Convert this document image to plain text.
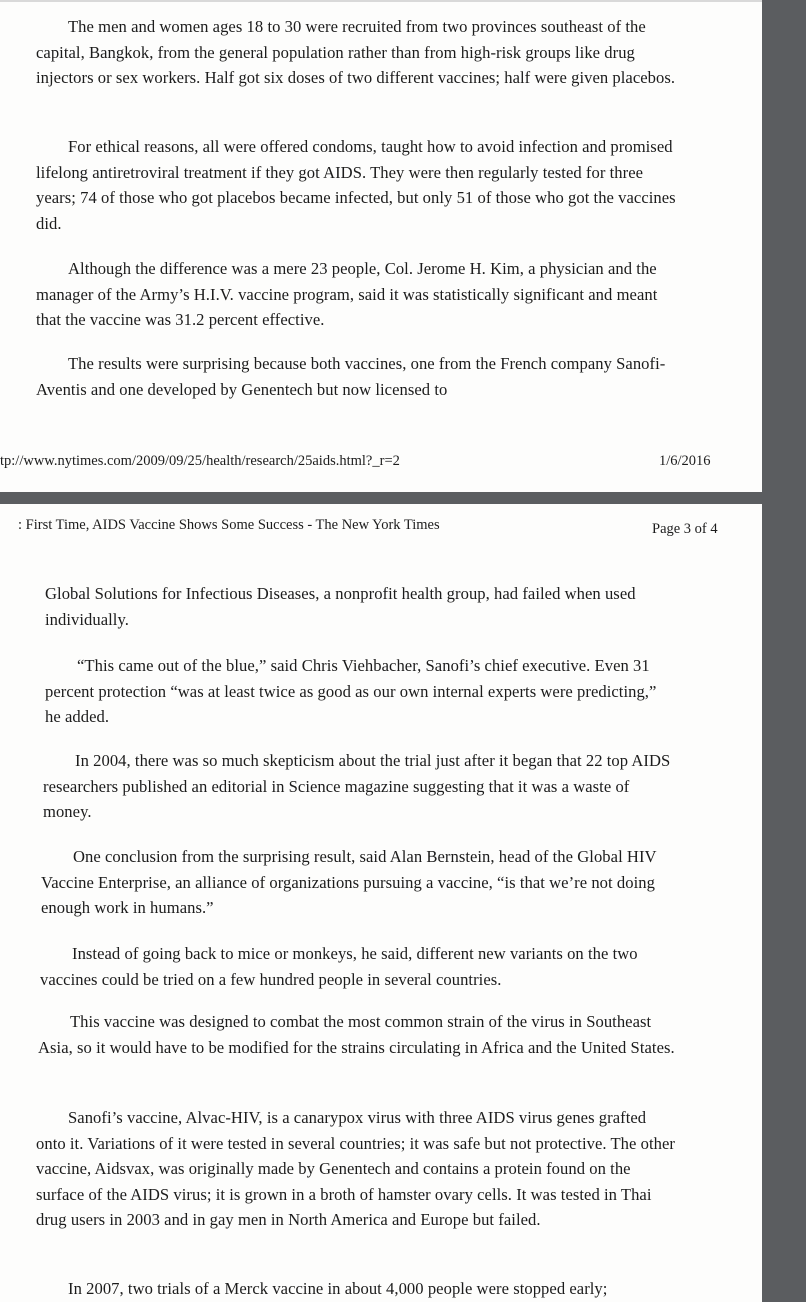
The men and women ages 18 to 30 were recruited from two provinces southeast of the capital, Bangkok, from the general population rather than from high-risk groups like drug injectors or sex workers. Half got six doses of two different vaccines; half were given placebos.

For ethical reasons, all were offered condoms, taught how to avoid infection and promised lifelong antiretroviral treatment if they got AIDS. They were then regularly tested for three years; 74 of those who got placebos became infected, but only 51 of those who got the vaccines did.

Although the difference was a mere 23 people, Col. Jerome H. Kim, a physician and the manager of the Army’s H.I.V. vaccine program, said it was statistically significant and meant that the vaccine was 31.2 percent effective.

The results were surprising because both vaccines, one from the French company Sanofi-Aventis and one developed by Genentech but now licensed to

tp://www.nytimes.com/2009/09/25/health/research/25aids.html?_r=2	1/6/2016
: First Time, AIDS Vaccine Shows Some Success - The New York Times	Page 3 of 4

Global Solutions for Infectious Diseases, a nonprofit health group, had failed when used individually.

“This came out of the blue,” said Chris Viehbacher, Sanofi’s chief executive. Even 31 percent protection “was at least twice as good as our own internal experts were predicting,” he added.

In 2004, there was so much skepticism about the trial just after it began that 22 top AIDS researchers published an editorial in Science magazine suggesting that it was a waste of money.

One conclusion from the surprising result, said Alan Bernstein, head of the Global HIV Vaccine Enterprise, an alliance of organizations pursuing a vaccine, “is that we’re not doing enough work in humans.”

Instead of going back to mice or monkeys, he said, different new variants on the two vaccines could be tried on a few hundred people in several countries.

This vaccine was designed to combat the most common strain of the virus in Southeast Asia, so it would have to be modified for the strains circulating in Africa and the United States.

Sanofi’s vaccine, Alvac-HIV, is a canarypox virus with three AIDS virus genes grafted onto it. Variations of it were tested in several countries; it was safe but not protective. The other vaccine, Aidsvax, was originally made by Genentech and contains a protein found on the surface of the AIDS virus; it is grown in a broth of hamster ovary cells. It was tested in Thai drug users in 2003 and in gay men in North America and Europe but failed.

In 2007, two trials of a Merck vaccine in about 4,000 people were stopped early;
